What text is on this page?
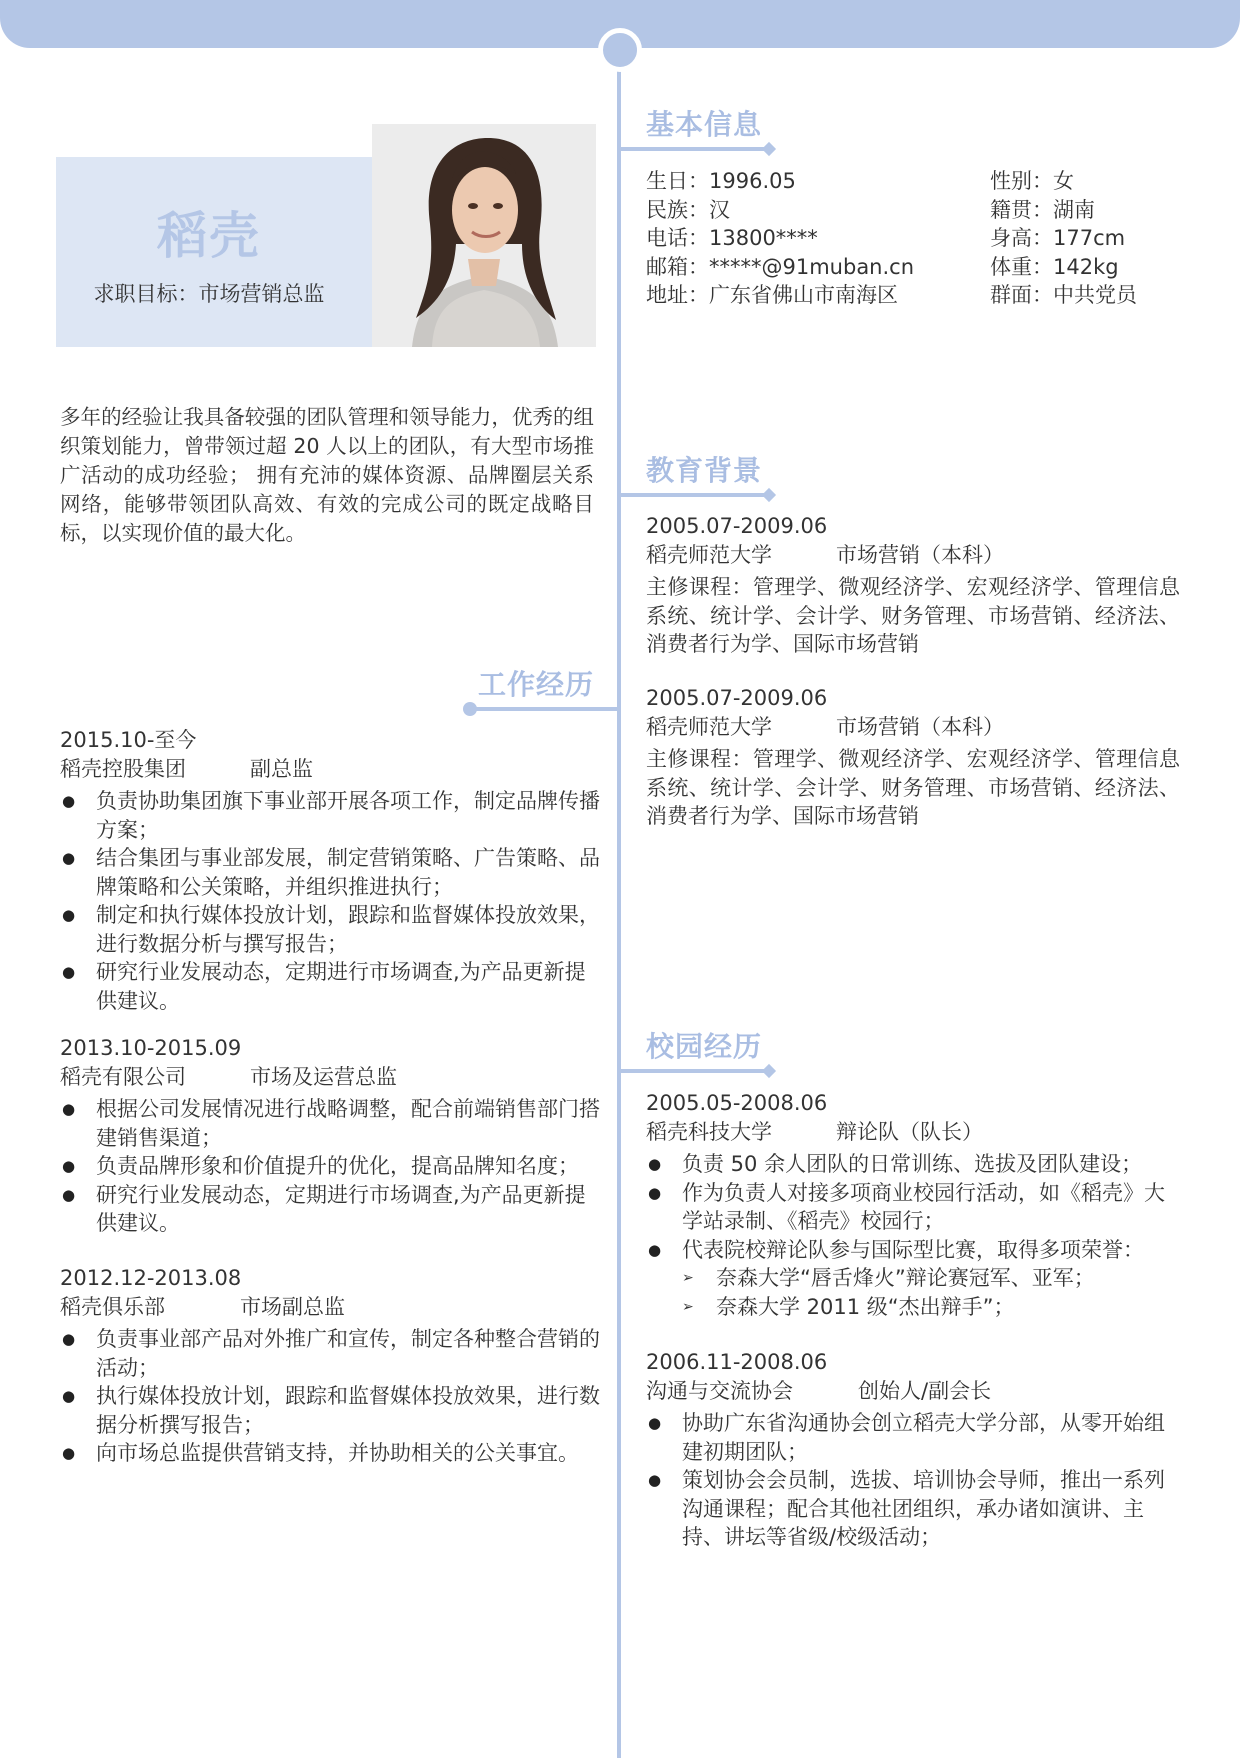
稻壳
求职目标：市场营销总监

多年的经验让我具备较强的团队管理和领导能力，优秀的组织策划能力，曾带领过超 20 人以上的团队，有大型市场推广活动的成功经验； 拥有充沛的媒体资源、品牌圈层关系网络，能够带领团队高效、有效的完成公司的既定战略目标，以实现价值的最大化。

基本信息
生日：1996.05	性别：女
民族：汉	籍贯：湖南
电话：13800****	身高：177cm
邮箱：*****@91muban.cn	体重：142kg
地址：广东省佛山市南海区	群面：中共党员
教育背景

2005.07-2009.06

稻壳师范大学	市场营销（本科）

主修课程：管理学、微观经济学、宏观经济学、管理信息系统、统计学、会计学、财务管理、市场营销、经济法、消费者行为学、国际市场营销

2005.07-2009.06

稻壳师范大学	市场营销（本科）

主修课程：管理学、微观经济学、宏观经济学、管理信息系统、统计学、会计学、财务管理、市场营销、经济法、消费者行为学、国际市场营销

工作经历

2015.10-至今

稻壳控股集团	副总监
● 负责协助集团旗下事业部开展各项工作，制定品牌传播方案；
● 结合集团与事业部发展，制定营销策略、广告策略、品牌策略和公关策略，并组织推进执行；
● 制定和执行媒体投放计划，跟踪和监督媒体投放效果，进行数据分析与撰写报告；
● 研究行业发展动态，定期进行市场调查,为产品更新提供建议。

2013.10-2015.09

稻壳有限公司	市场及运营总监
● 根据公司发展情况进行战略调整，配合前端销售部门搭建销售渠道；
● 负责品牌形象和价值提升的优化，提高品牌知名度；
● 研究行业发展动态，定期进行市场调查,为产品更新提供建议。

2012.12-2013.08

稻壳俱乐部	市场副总监
● 负责事业部产品对外推广和宣传，制定各种整合营销的活动；
● 执行媒体投放计划，跟踪和监督媒体投放效果，进行数据分析撰写报告；
● 向市场总监提供营销支持，并协助相关的公关事宜。
校园经历

2005.05-2008.06

稻壳科技大学	辩论队（队长）
● 负责 50 余人团队的日常训练、选拔及团队建设；
● 作为负责人对接多项商业校园行活动，如《稻壳》大学站录制、《稻壳》校园行；
● 代表院校辩论队参与国际型比赛，取得多项荣誉：
➢ 奈森大学“唇舌烽火”辩论赛冠军、亚军；
➢ 奈森大学 2011 级“杰出辩手”；

2006.11-2008.06

沟通与交流协会	创始人/副会长
● 协助广东省沟通协会创立稻壳大学分部，从零开始组建初期团队；
● 策划协会会员制，选拔、培训协会导师，推出一系列沟通课程；配合其他社团组织，承办诸如演讲、主持、讲坛等省级/校级活动；
